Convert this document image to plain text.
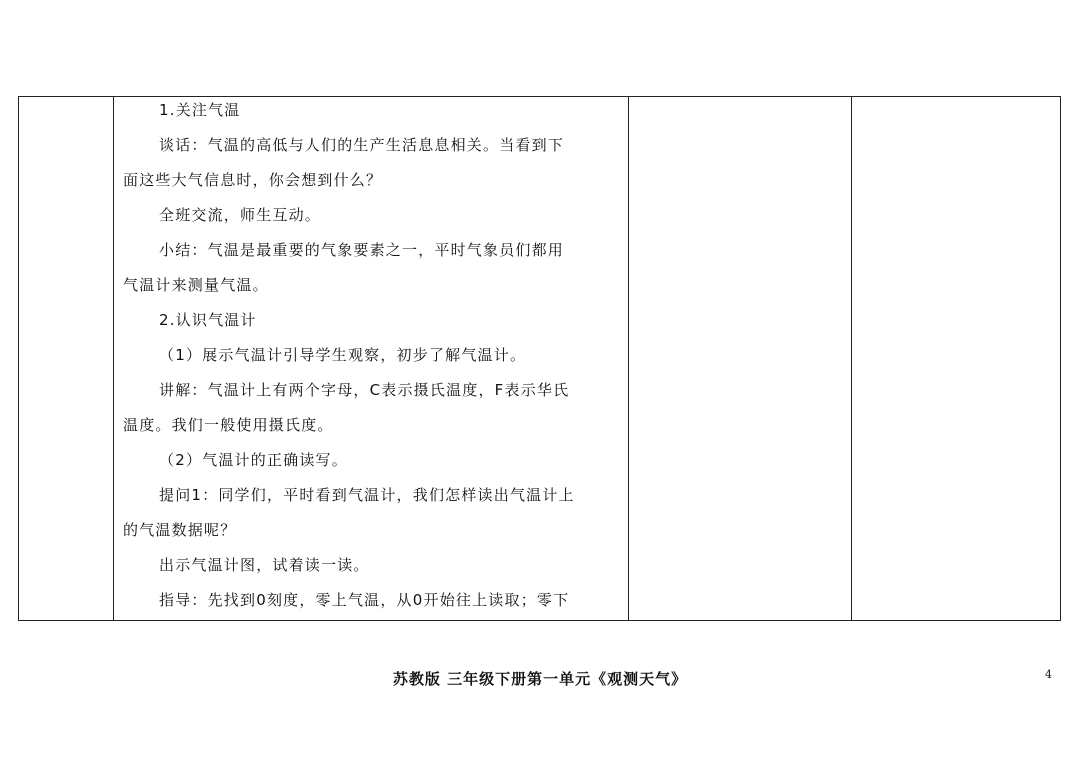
1.关注气温
谈话：气温的高低与人们的生产生活息息相关。当看到下
面这些大气信息时，你会想到什么？
全班交流，师生互动。
小结：气温是最重要的气象要素之一，平时气象员们都用
气温计来测量气温。
2.认识气温计
（1）展示气温计引导学生观察，初步了解气温计。
讲解：气温计上有两个字母，C表示摄氏温度，F表示华氏
温度。我们一般使用摄氏度。
（2）气温计的正确读写。
提问1：同学们，平时看到气温计，我们怎样读出气温计上
的气温数据呢？
出示气温计图，试着读一读。
指导：先找到0刻度，零上气温，从0开始往上读取；零下
苏教版 三年级下册第一单元《观测天气》	4
